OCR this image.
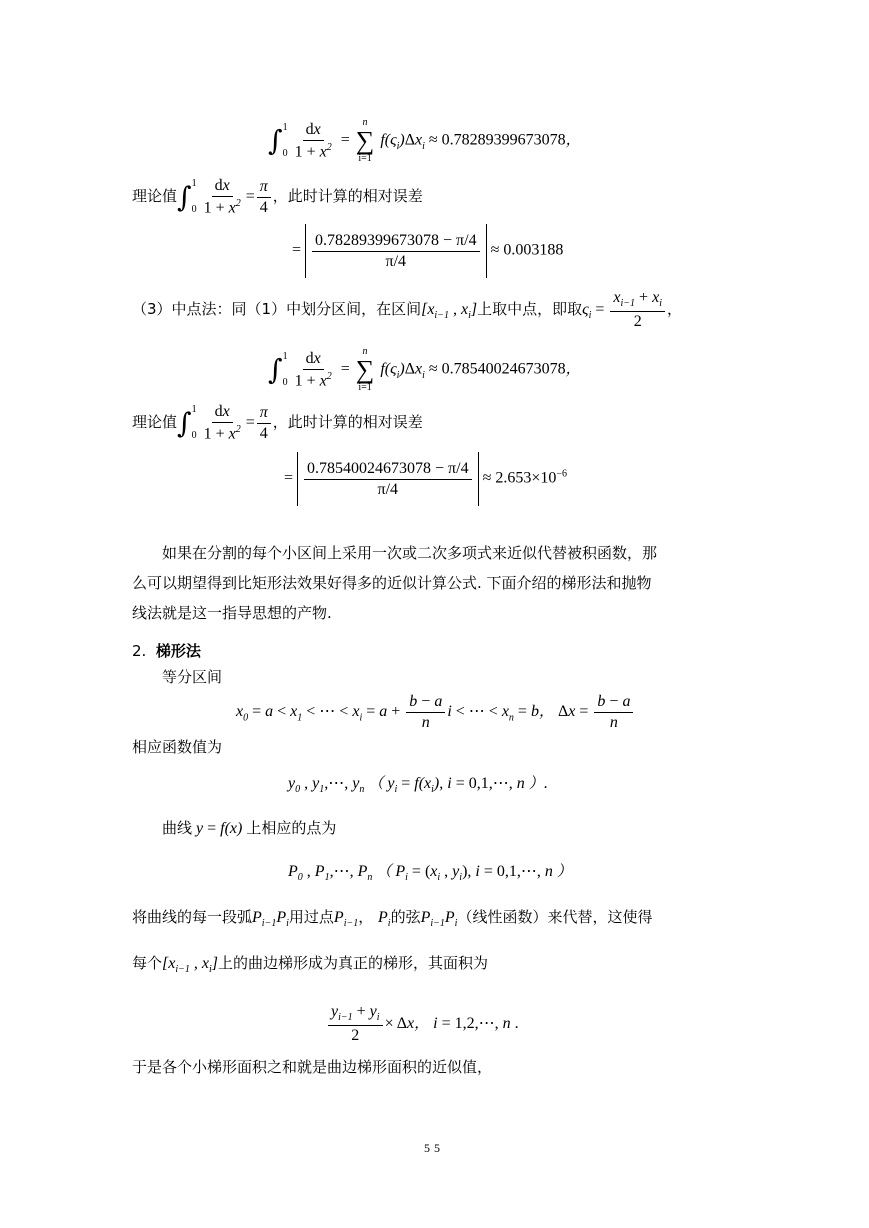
∫ 1
$0 \frac{dx}{1 + x^2}$ =
n
∑
i=1
$f(\varsigma_i)\Delta x_i \approx 0.78289399673078$，
理论值∫ 1
$0 \frac{dx}{1 + x^2} = \frac{\pi}{4}$ ，此时计算的相对误差
= $\frac{0.78289399673078 - \pi/4}{\pi/4} \approx 0.003188$
（3）中点法：同（1）中划分区间，在区间[$x_{i-1}$ , $x_i$]上取中点，即取$\varsigma_i = \frac{x_{i-1} + x_i}{2}$ ，
∫ 1
$0 \frac{dx}{1 + x^2}$ =
n
∑
i=1
$f(\varsigma_i)\Delta x_i \approx 0.78540024673078$，
理论值∫ 1
$0 \frac{dx}{1 + x^2} = \frac{\pi}{4}$ ，此时计算的相对误差
= $\frac{0.78540024673078 - \pi/4}{\pi/4} \approx 2.653\times 10^{-6}$
如果在分割的每个小区间上采用一次或二次多项式来近似代替被积函数，那
么可以期望得到比矩形法效果好得多的近似计算公式. 下面介绍的梯形法和抛物
线法就是这一指导思想的产物.
2. 梯形法
等分区间
$x_0 = a < x_1$ < ⋯ < $x_i = a + \frac{b - a}{n}$ i < ⋯ < $x_n = b$， $\Delta x = \frac{b - a}{n}$
相应函数值为
$y_0$ , $y_1,\cdots$, $y_n$ （ $y_i = f(x_i)$, i = 0,1,⋯, n ）.
曲线 y = f(x) 上相应的点为
$P_0$ , $P_1,\cdots$, $P_n$ （ $P_i = (x_i$ , $y_i$), i = 0,1,⋯, n ）
将曲线的每一段弧$P_{i-1}P_i$用过点$P_{i-1}$， $P_i$的弦$P_{i-1}P_i$（线性函数）来代替，这使得
每个[$x_{i-1}$ , $x_i$]上的曲边梯形成为真正的梯形，其面积为
$\frac{y_{i-1} + y_i}{2} \times \Delta x$， i = 1,2,⋯, n .
于是各个小梯形面积之和就是曲边梯形面积的近似值，
55
